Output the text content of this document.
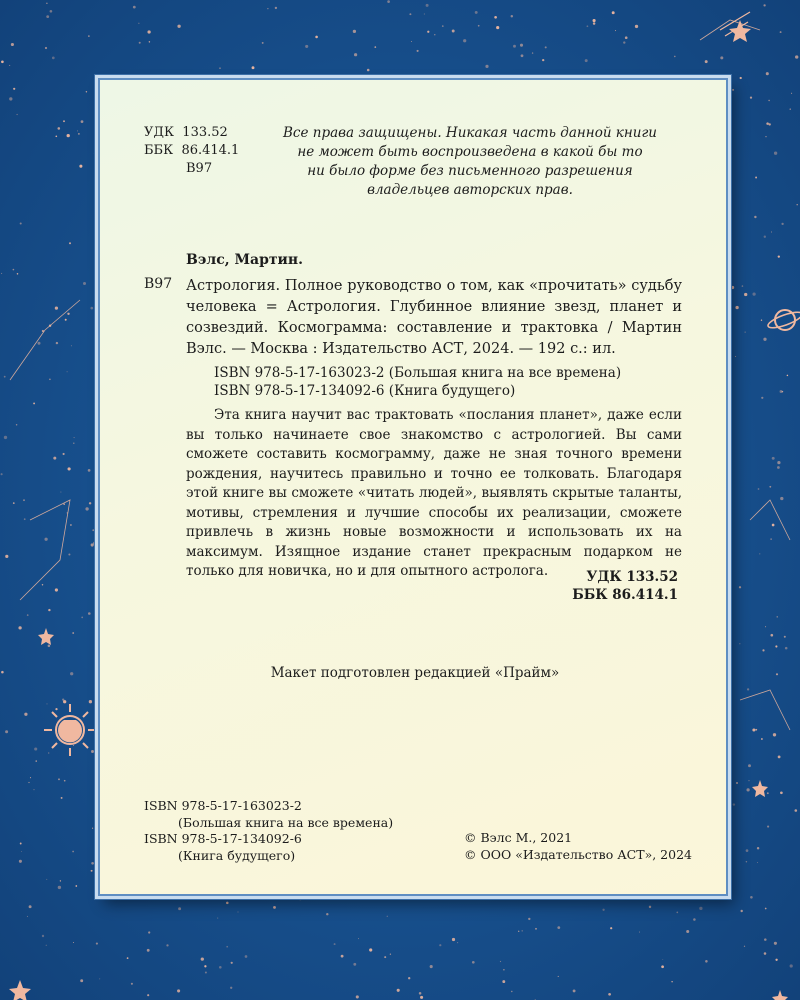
УДК 133.52
ББК 86.414.1
В97
Все права защищены. Никакая часть данной книги
не может быть воспроизведена в какой бы то
ни было форме без письменного разрешения
владельцев авторских прав.
Вэлс, Мартин.
В97 Астрология. Полное руководство о том, как «прочитать» судьбу человека = Астрология. Глубинное влияние звезд, планет и созвездий. Космограмма: составление и трактовка / Мартин Вэлс. — Москва : Издательство АСТ, 2024. — 192 с.: ил.
ISBN 978-5-17-163023-2 (Большая книга на все времена)
ISBN 978-5-17-134092-6 (Книга будущего)
Эта книга научит вас трактовать «послания планет», даже если вы только начинаете свое знакомство с астрологией. Вы сами сможете составить космограмму, даже не зная точного времени рождения, научитесь правильно и точно ее толковать. Благодаря этой книге вы сможете «читать людей», выявлять скрытые таланты, мотивы, стремления и лучшие способы их реализации, сможете привлечь в жизнь новые возможности и использовать их на максимум. Изящное издание станет прекрасным подарком не только для новичка, но и для опытного астролога.	УДК 133.52
ББК 86.414.1
Макет подготовлен редакцией «Прайм»
ISBN 978-5-17-163023-2
(Большая книга на все времена)
ISBN 978-5-17-134092-6
(Книга будущего)
© Вэлс М., 2021
© ООО «Издательство АСТ», 2024
